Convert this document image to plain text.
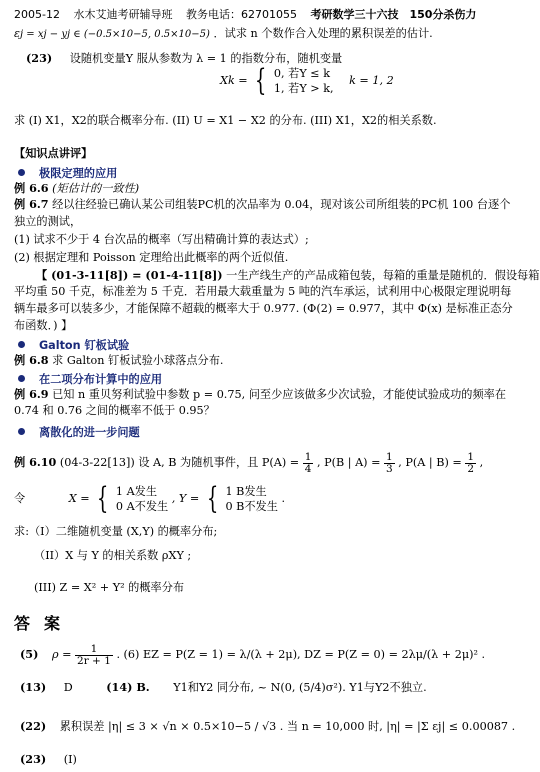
2005-12 水木艾迪考研辅导班 教务电话：62701055 考研数学三十六技　150分杀伤力
εj = xj − yj ∈ (−0.5×10−5, 0.5×10−5) ．试求 n 个数作合入处理的累积误差的估计.
(23) 设随机变量Y 服从参数为 λ = 1 的指数分布，随机变量
Xk = { 0, 若Y ≤ k
1, 若Y > k,
k = 1, 2
求 (I) X1，X2的联合概率分布. (II) U = X1 − X2 的分布. (III) X1，X2的相关系数.
【知识点讲评】
极限定理的应用
例 6.6 (矩估计的一致性)
例 6.7 经以往经验已确认某公司组装PC机的次品率为 0.04，现对该公司所组装的PC机 100 台逐个
独立的测试，
(1) 试求不少于 4 台次品的概率（写出精确计算的表达式）;
(2) 根据定理和 Poisson 定理给出此概率的两个近似值.
【 (01-3-11[8]) = (01-4-11[8]) 一生产线生产的产品成箱包装，每箱的重量是随机的．假设每箱
平均重 50 千克，标准差为 5 千克．若用最大载重量为 5 吨的汽车承运，试利用中心极限定理说明每
辆车最多可以装多少，才能保障不超载的概率大于 0.977. (Φ(2) = 0.977，其中 Φ(x) 是标准正态分
布函数．) 】
Galton 钉板试验
例 6.8 求 Galton 钉板试验小球落点分布.
在二项分布计算中的应用
例 6.9 已知 n 重贝努利试验中参数 p = 0.75, 问至少应该做多少次试验，才能使试验成功的频率在
0.74 和 0.76 之间的概率不低于 0.95？
离散化的进一步问题
例 6.10 (04-3-22[13]) 设 A, B 为随机事件，且 $P(A) = \frac{1}{4}$ , P(B | $A) = \frac{1}{3}$ , P(A | $B) = \frac{1}{2}$ ,
令	X = { 1 A发生
0 A不发生
, Y = { 1 B发生
0 B不发生
.
求:（I）二维随机变量 (X,Y) 的概率分布;
（II）X 与 Y 的相关系数 ρXY ;
(III) Z = X² + Y² 的概率分布
答案
(5) $\rho = \frac{1}{2r + 1}$ . (6) EZ = P(Z = 1) = λ/(λ + 2μ), DZ = P(Z = 0) = 2λμ/(λ + 2μ)² .
(13) D	(14) B. Y1和Y2 同分布, ~ N(0, (5/4)σ²). Y1与Y2不独立.
(22) 累积误差 |η| ≤ 3 × √n × 0.5×10−5 / √3 . 当 n = 10,000 时, |η| = |Σ εj| ≤ 0.00087 .
(23) (I)
